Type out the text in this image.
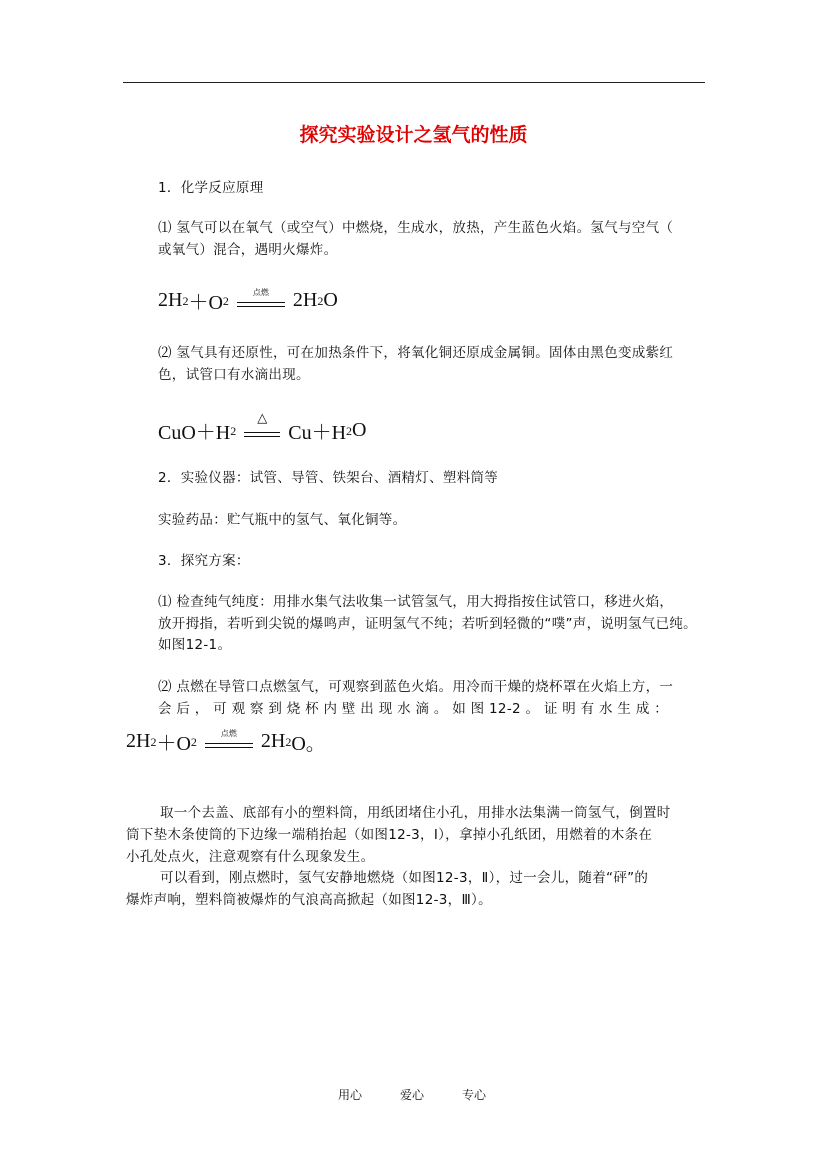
探究实验设计之氢气的性质

1．化学反应原理

⑴ 氢气可以在氧气（或空气）中燃烧，生成水，放热，产生蓝色火焰。氢气与空气（

或氧气）混合，遇明火爆炸。

2H 2 ＋O 2
点燃	2H 2 O

⑵ 氢气具有还原性，可在加热条件下，将氧化铜还原成金属铜。固体由黑色变成紫红

色，试管口有水滴出现。

CuO＋H 2
△
Cu＋H 2 O

2．实验仪器：试管、导管、铁架台、酒精灯、塑料筒等

实验药品：贮气瓶中的氢气、氧化铜等。

3．探究方案：

⑴ 检查纯气纯度：用排水集气法收集一试管氢气，用大拇指按住试管口，移进火焰，

放开拇指，若听到尖锐的爆鸣声，证明氢气不纯；若听到轻微的“噗”声，说明氢气已纯。

如图12-1。

⑵ 点燃在导管口点燃氢气，可观察到蓝色火焰。用冷而干燥的烧杯罩在火焰上方，一

会 后 ， 可 观 察 到 烧 杯 内 壁 出 现 水 滴 。 如 图 12-2 。 证 明 有 水 生 成 ：

2H 2 ＋O 2
点燃	2H 2 O。

取一个去盖、底部有小的塑料筒，用纸团堵住小孔，用排水法集满一筒氢气，倒置时

筒下垫木条使筒的下边缘一端稍抬起（如图12-3，Ⅰ），拿掉小孔纸团，用燃着的木条在

小孔处点火，注意观察有什么现象发生。

可以看到，刚点燃时，氢气安静地燃烧（如图12-3，Ⅱ），过一会儿，随着“砰”的

爆炸声响，塑料筒被爆炸的气浪高高掀起（如图12-3，Ⅲ）。

用心	爱心	专心
